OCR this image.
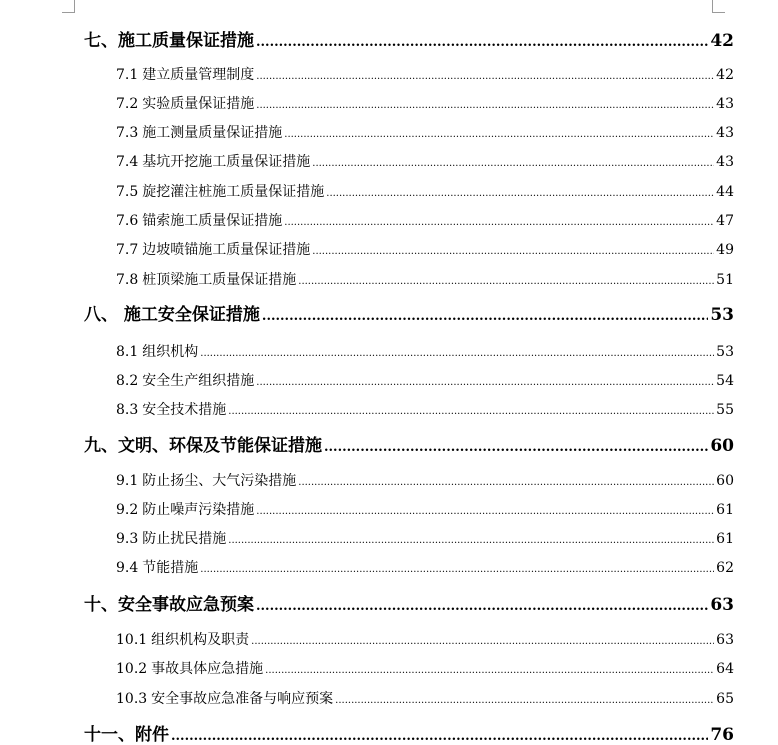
七、施工质量保证措施 .....	42
7.1 建立质量管理制度 .....	42
7.2 实验质量保证措施 .....	43
7.3 施工测量质量保证措施 .....	43
7.4 基坑开挖施工质量保证措施 .....	43
7.5 旋挖灌注桩施工质量保证措施 .....	44
7.6 锚索施工质量保证措施 .....	47
7.7 边坡喷锚施工质量保证措施 .....	49
7.8 桩顶梁施工质量保证措施 .....	51
八、 施工安全保证措施 .....	53
8.1 组织机构 .....	53
8.2 安全生产组织措施 .....	54
8.3 安全技术措施 .....	55
九、文明、环保及节能保证措施 .....	60
9.1 防止扬尘、大气污染措施 .....	60
9.2 防止噪声污染措施 .....	61
9.3 防止扰民措施 .....	61
9.4 节能措施 .....	62
十、安全事故应急预案 .....	63
10.1 组织机构及职责 .....	63
10.2 事故具体应急措施 .....	64
10.3 安全事故应急准备与响应预案 .....	65
十一、附件 .....	76
